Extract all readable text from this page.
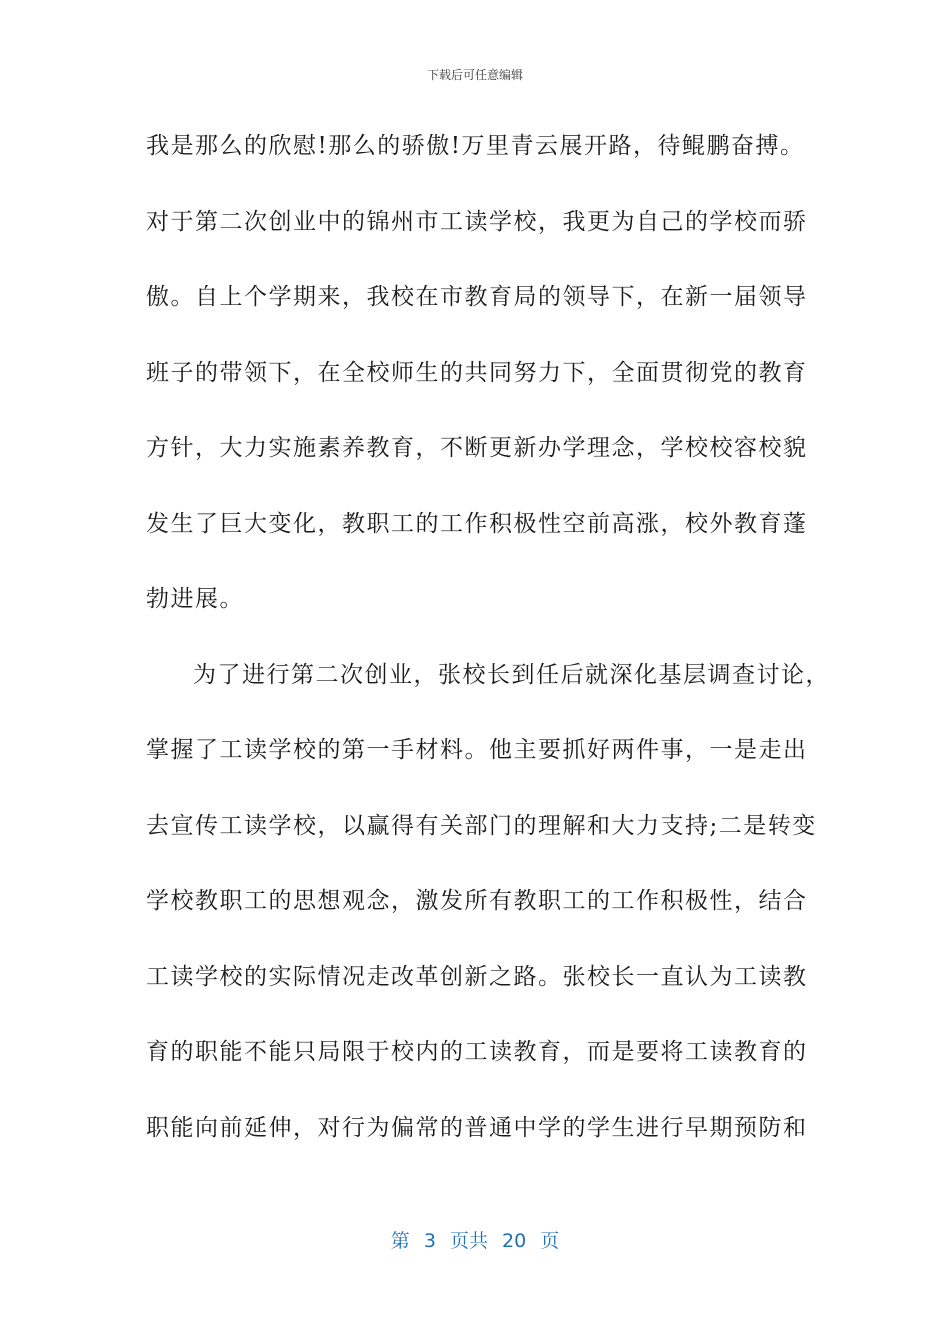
下载后可任意编辑
我是那么的欣慰!那么的骄傲!万里青云展开路，待鲲鹏奋搏。
对于第二次创业中的锦州市工读学校，我更为自己的学校而骄
傲。自上个学期来，我校在市教育局的领导下，在新一届领导
班子的带领下，在全校师生的共同努力下，全面贯彻党的教育
方针，大力实施素养教育，不断更新办学理念，学校校容校貌
发生了巨大变化，教职工的工作积极性空前高涨，校外教育蓬
勃进展。
为了进行第二次创业，张校长到任后就深化基层调查讨论，
掌握了工读学校的第一手材料。他主要抓好两件事，一是走出
去宣传工读学校，以赢得有关部门的理解和大力支持;二是转变
学校教职工的思想观念，激发所有教职工的工作积极性，结合
工读学校的实际情况走改革创新之路。张校长一直认为工读教
育的职能不能只局限于校内的工读教育，而是要将工读教育的
职能向前延伸，对行为偏常的普通中学的学生进行早期预防和
第 3 页共 20 页
